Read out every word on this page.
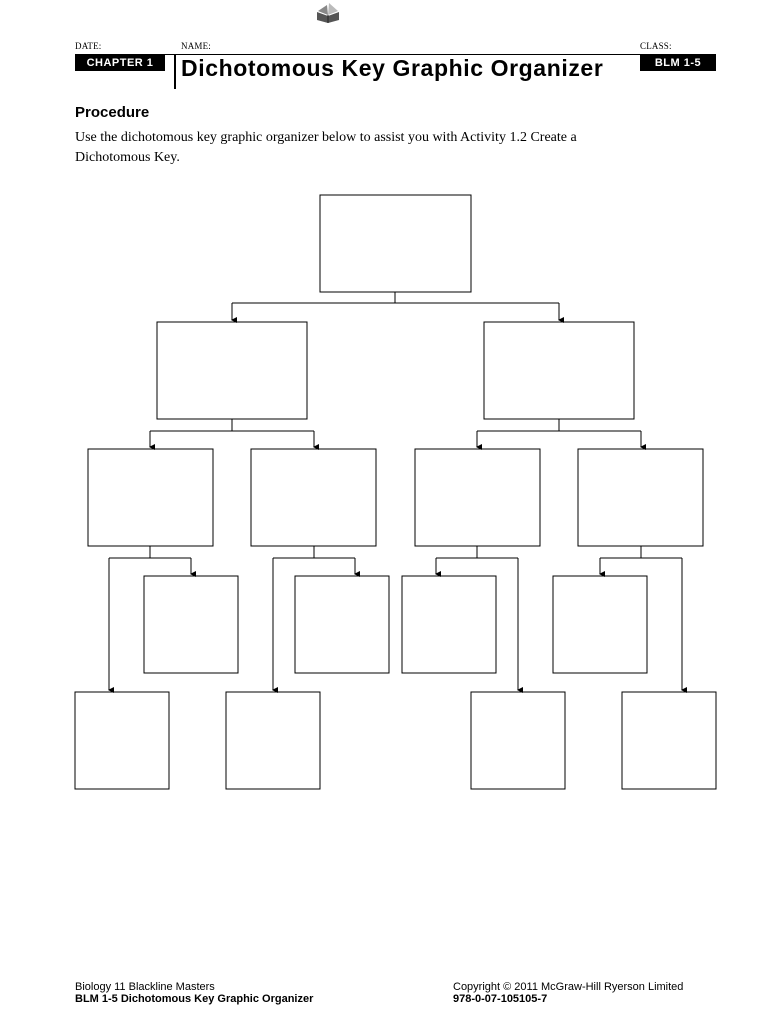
DATE:	NAME:	CLASS:
CHAPTER 1	Dichotomous Key Graphic Organizer	BLM 1-5
Procedure
Use the dichotomous key graphic organizer below to assist you with Activity 1.2 Create a Dichotomous Key.
Biology 11 Blackline Masters
BLM 1-5 Dichotomous Key Graphic Organizer
Copyright © 2011 McGraw-Hill Ryerson Limited
978-0-07-105105-7
